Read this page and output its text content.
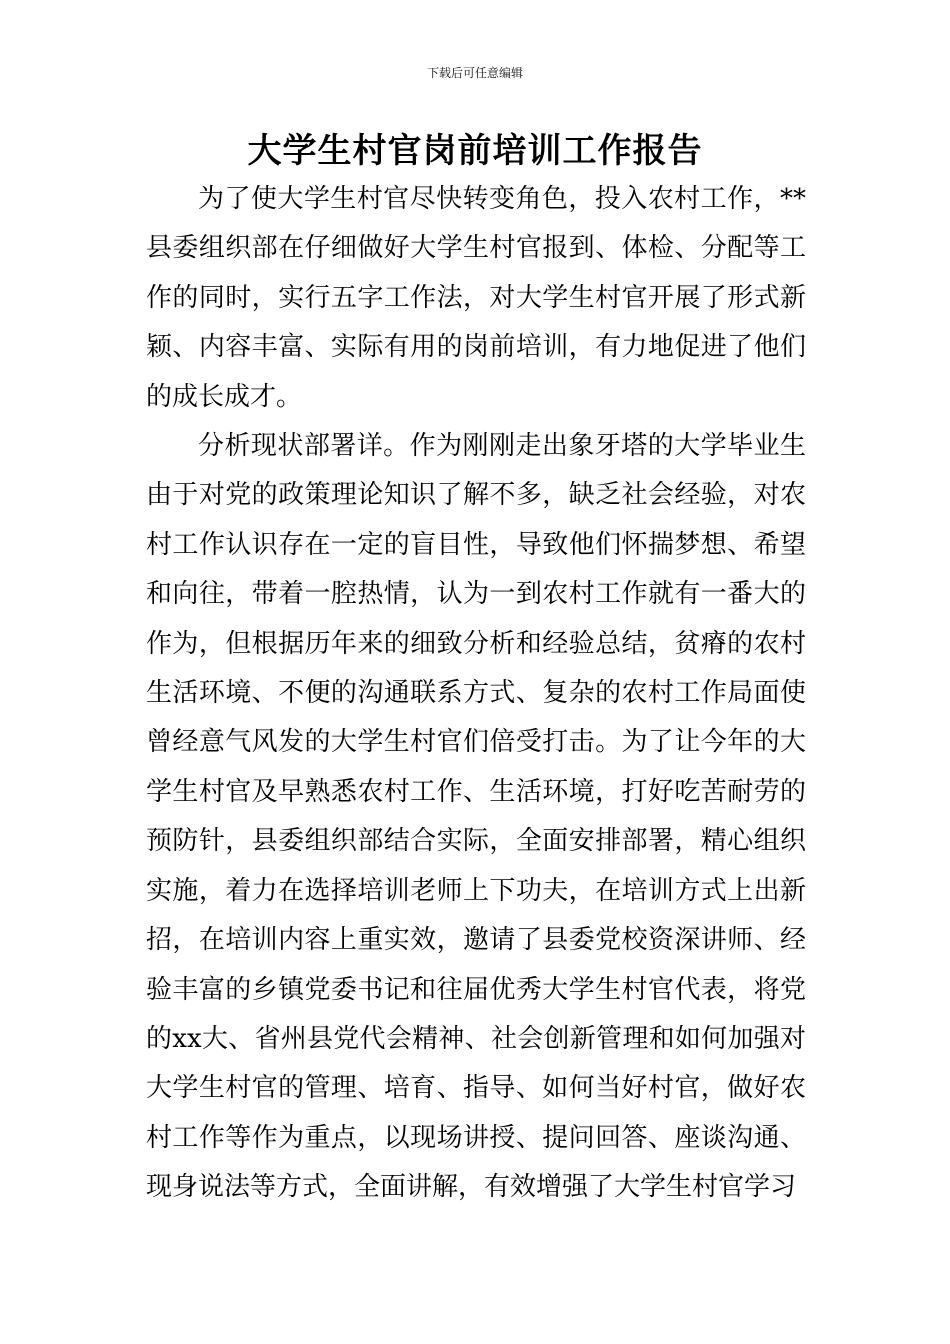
下载后可任意编辑
大学生村官岗前培训工作报告

为了使大学生村官尽快转变角色，投入农村工作，**县委组织部在仔细做好大学生村官报到、体检、分配等工作的同时，实行五字工作法，对大学生村官开展了形式新颖、内容丰富、实际有用的岗前培训，有力地促进了他们的成长成才。

分析现状部署详。作为刚刚走出象牙塔的大学毕业生由于对党的政策理论知识了解不多，缺乏社会经验，对农村工作认识存在一定的盲目性，导致他们怀揣梦想、希望和向往，带着一腔热情，认为一到农村工作就有一番大的作为，但根据历年来的细致分析和经验总结，贫瘠的农村生活环境、不便的沟通联系方式、复杂的农村工作局面使曾经意气风发的大学生村官们倍受打击。为了让今年的大学生村官及早熟悉农村工作、生活环境，打好吃苦耐劳的预防针，县委组织部结合实际，全面安排部署，精心组织实施，着力在选择培训老师上下功夫，在培训方式上出新招，在培训内容上重实效，邀请了县委党校资深讲师、经验丰富的乡镇党委书记和往届优秀大学生村官代表，将党的xx大、省州县党代会精神、社会创新管理和如何加强对大学生村官的管理、培育、指导、如何当好村官，做好农村工作等作为重点，以现场讲授、提问回答、座谈沟通、现身说法等方式，全面讲解，有效增强了大学生村官学习
